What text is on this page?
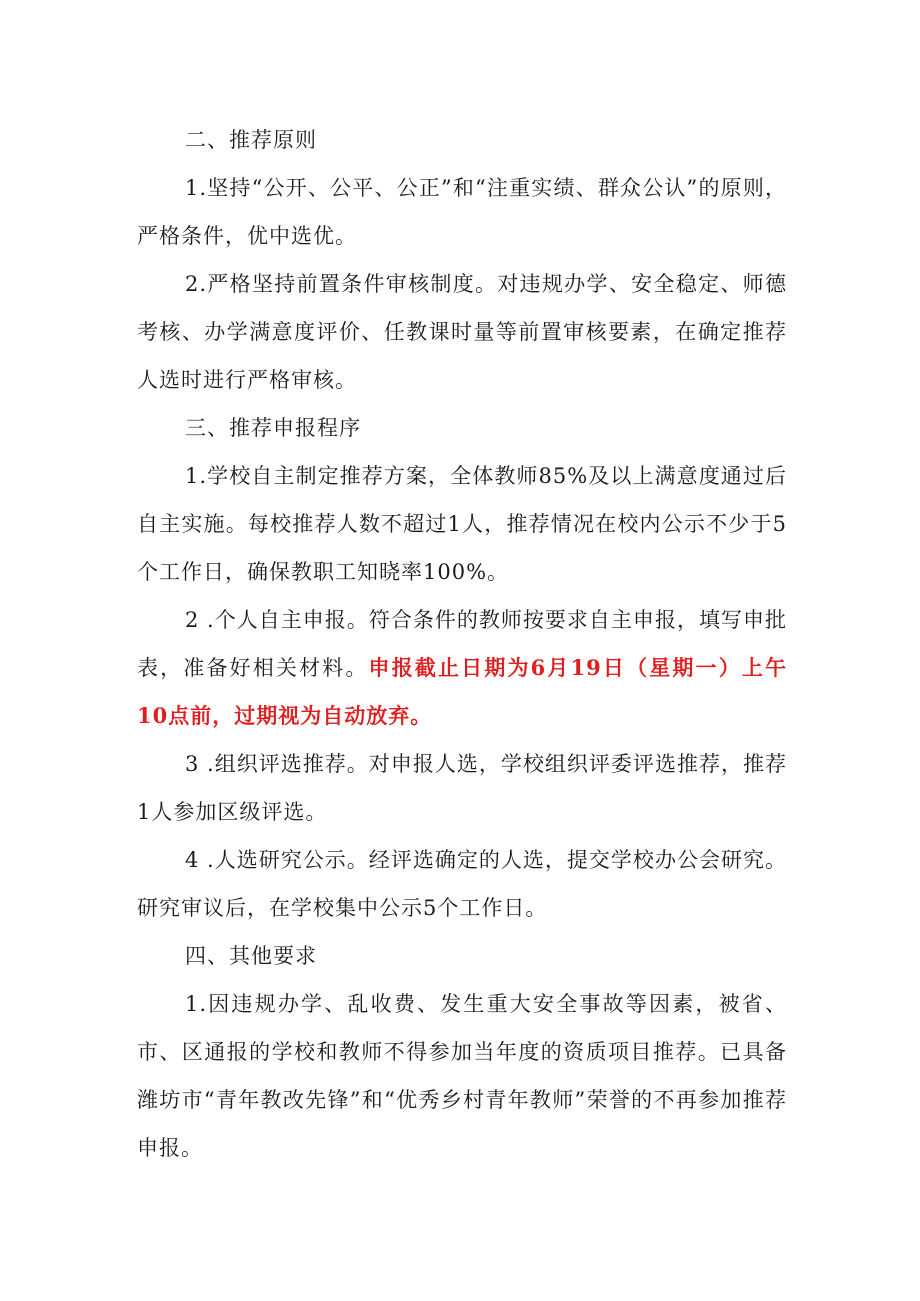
二、推荐原则

1.坚持“公开、公平、公正”和“注重实绩、群众公认”的原则，严格条件，优中选优。

2.严格坚持前置条件审核制度。对违规办学、安全稳定、师德考核、办学满意度评价、任教课时量等前置审核要素，在确定推荐人选时进行严格审核。

三、推荐申报程序

1.学校自主制定推荐方案，全体教师85%及以上满意度通过后自主实施。每校推荐人数不超过1人，推荐情况在校内公示不少于5个工作日，确保教职工知晓率100%。

2 .个人自主申报。符合条件的教师按要求自主申报，填写申批表，准备好相关材料。申报截止日期为6月19日（星期一）上午10点前，过期视为自动放弃。

3 .组织评选推荐。对申报人选，学校组织评委评选推荐，推荐1人参加区级评选。

4 .人选研究公示。经评选确定的人选，提交学校办公会研究。研究审议后，在学校集中公示5个工作日。

四、其他要求

1.因违规办学、乱收费、发生重大安全事故等因素，被省、市、区通报的学校和教师不得参加当年度的资质项目推荐。已具备潍坊市“青年教改先锋”和“优秀乡村青年教师”荣誉的不再参加推荐申报。
